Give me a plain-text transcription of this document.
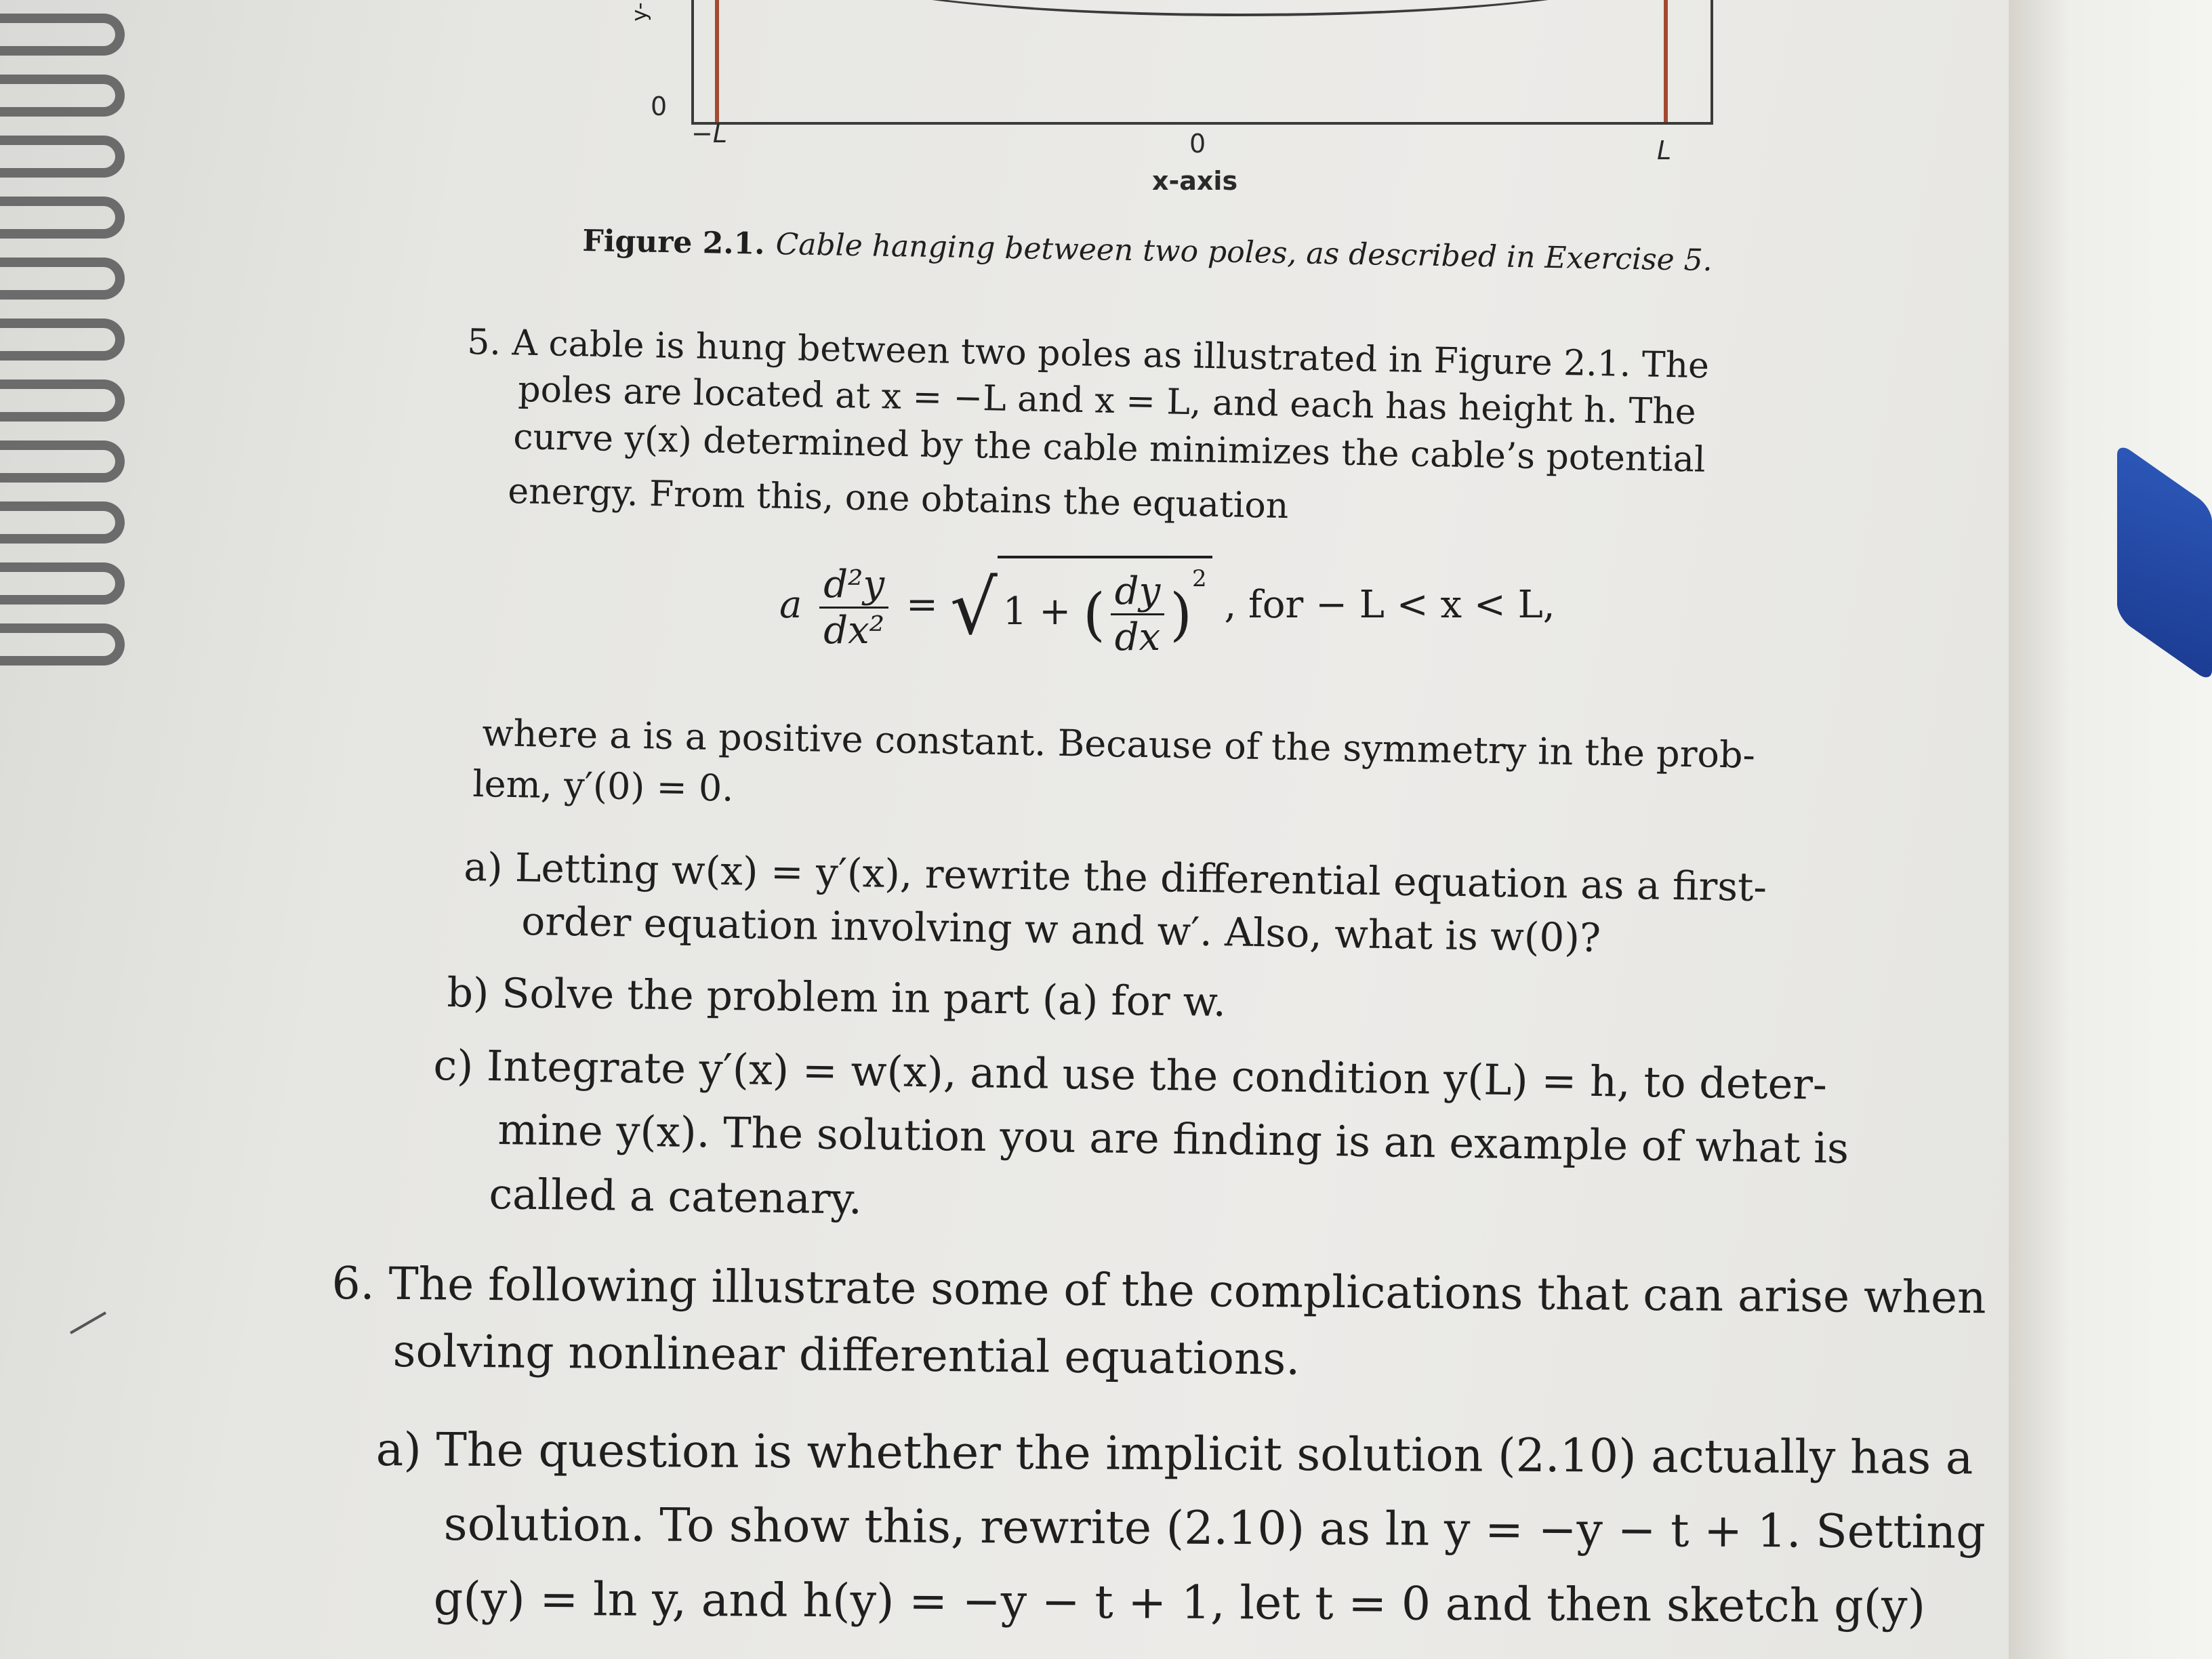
y-
0
−L	0	L
x-axis
Figure 2.1. Cable hanging between two poles, as described in Exercise 5.
5. A cable is hung between two poles as illustrated in Figure 2.1. The
poles are located at x = −L and x = L, and each has height h. The
curve y(x) determined by the cable minimizes the cable’s potential
energy. From this, one obtains the equation
a $\frac{\text{d²y}}{\text{dx²}}$ = √ 1 + ( $\frac{dy}{dx} )^2$ , for − L < x < L,
where a is a positive constant. Because of the symmetry in the prob-
lem, y′(0) = 0.
a) Letting w(x) = y′(x), rewrite the differential equation as a first-
order equation involving w and w′. Also, what is w(0)?
b) Solve the problem in part (a) for w.
c) Integrate y′(x) = w(x), and use the condition y(L) = h, to deter-
mine y(x). The solution you are finding is an example of what is
called a catenary.
6. The following illustrate some of the complications that can arise when
solving nonlinear differential equations.
a) The question is whether the implicit solution (2.10) actually has a
solution. To show this, rewrite (2.10) as ln y = −y − t + 1. Setting
g(y) = ln y, and h(y) = −y − t + 1, let t = 0 and then sketch g(y)
